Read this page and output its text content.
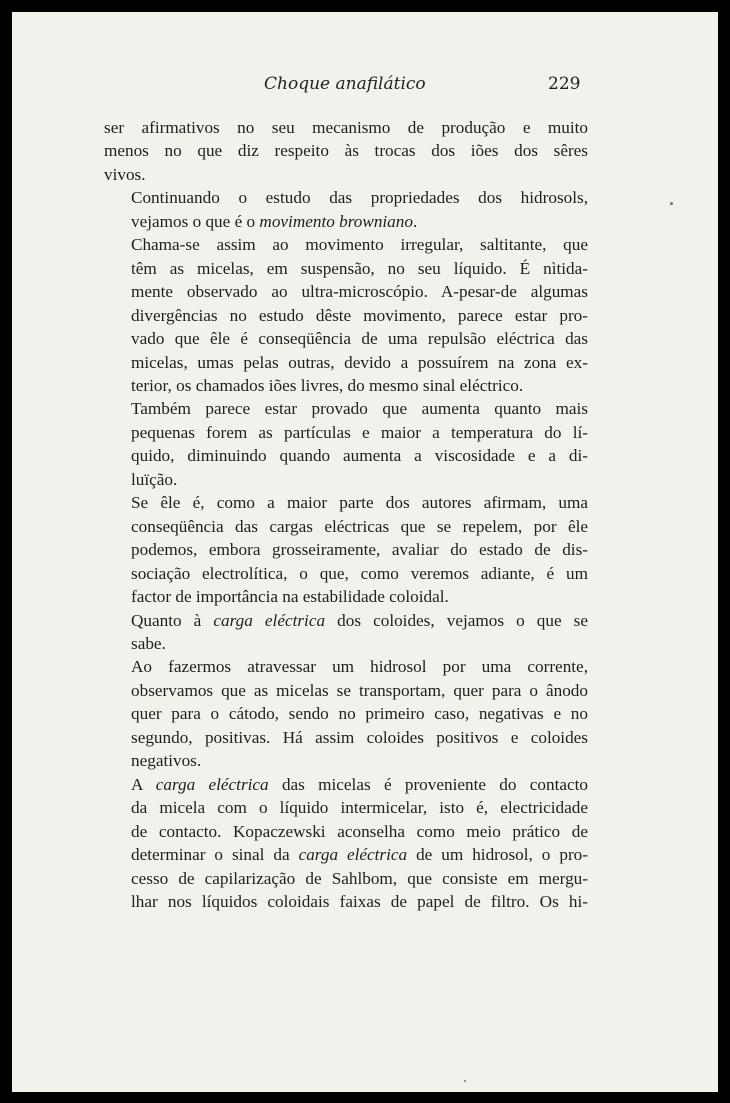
Choque anafilático	229

ser afirmativos no seu mecanismo de produção e muito
menos no que diz respeito às trocas dos iões dos sêres
vivos.

Continuando o estudo das propriedades dos hidrosols,
vejamos o que é o movimento browniano.

Chama-se assim ao movimento irregular, saltitante, que
têm as micelas, em suspensão, no seu líquido. É nìtida-
mente observado ao ultra-microscópio. A-pesar-de algumas
divergências no estudo dêste movimento, parece estar pro-
vado que êle é conseqüência de uma repulsão eléctrica das
micelas, umas pelas outras, devido a possuírem na zona ex-
terior, os chamados iões livres, do mesmo sinal eléctrico.

Também parece estar provado que aumenta quanto mais
pequenas forem as partículas e maior a temperatura do lí-
quido, diminuindo quando aumenta a viscosidade e a di-
luïção.

Se êle é, como a maior parte dos autores afirmam, uma
conseqüência das cargas eléctricas que se repelem, por êle
podemos, embora grosseiramente, avaliar do estado de dis-
sociação electrolítica, o que, como veremos adiante, é um
factor de importância na estabilidade coloidal.

Quanto à carga eléctrica dos coloides, vejamos o que se
sabe.

Ao fazermos atravessar um hidrosol por uma corrente,
observamos que as micelas se transportam, quer para o ânodo
quer para o cátodo, sendo no primeiro caso, negativas e no
segundo, positivas. Há assim coloides positivos e coloides
negativos.

A carga eléctrica das micelas é proveniente do contacto
da micela com o líquido intermicelar, isto é, electricidade
de contacto. Kopaczewski aconselha como meio prático de
determinar o sinal da carga eléctrica de um hidrosol, o pro-
cesso de capilarização de Sahlbom, que consiste em mergu-
lhar nos líquidos coloidais faixas de papel de filtro. Os hi-
